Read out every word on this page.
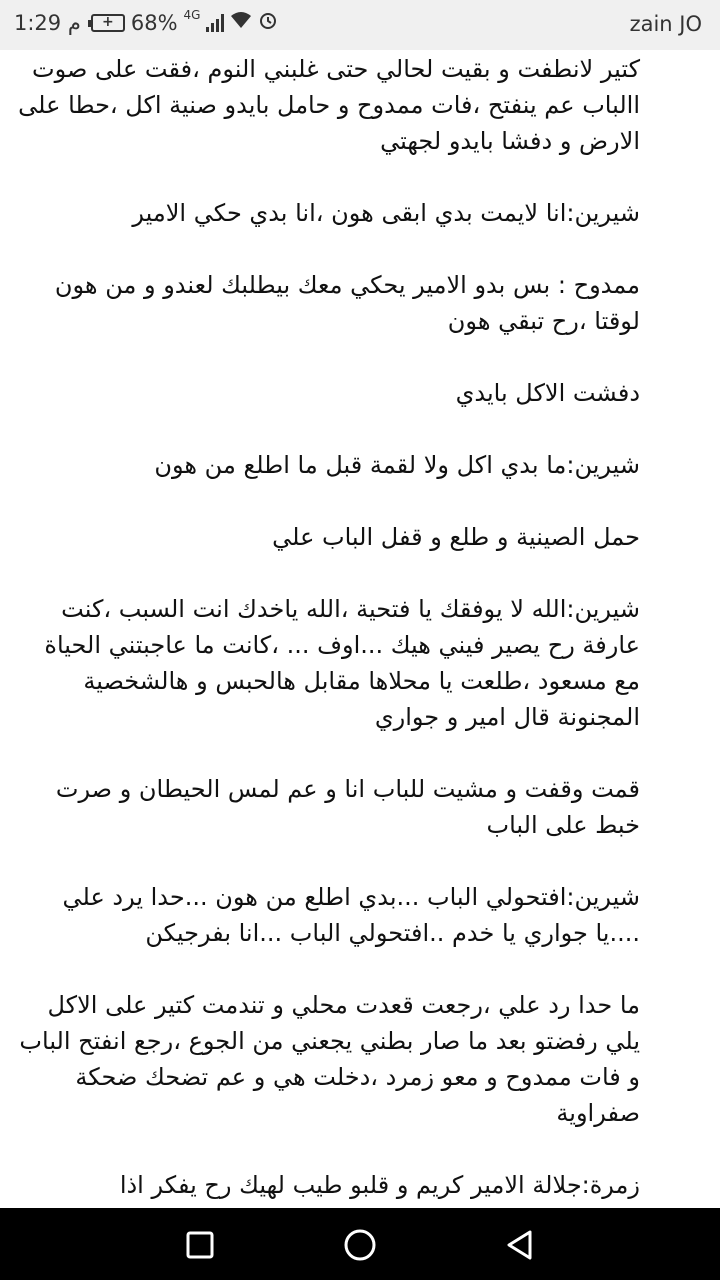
1:29 م	+ 68% 4G	zain JO

كتير لانطفت و بقيت لحالي حتى غلبني النوم ،فقت على صوت االباب عم ينفتح ،فات ممدوح و حامل بايدو صنية اكل ،حطا على الارض و دفشا بايدو لجهتي

شيرين:انا لايمت بدي ابقى هون ،انا بدي حكي الامير

ممدوح : بس بدو الامير يحكي معك بيطلبك لعندو و من هون لوقتا ،رح تبقي هون

دفشت الاكل بايدي

شيرين:ما بدي اكل ولا لقمة قبل ما اطلع من هون

حمل الصينية و طلع و قفل الباب علي

شيرين:الله لا يوفقك يا فتحية ،الله ياخدك انت السبب ،كنت عارفة رح يصير فيني هيك ...اوف ... ،كانت ما عاجبتني الحياة مع مسعود ،طلعت يا محلاها مقابل هالحبس و هالشخصية المجنونة قال امير و جواري

قمت وقفت و مشيت للباب انا و عم لمس الحيطان و صرت خبط على الباب

شيرين:افتحولي الباب ...بدي اطلع من هون ...حدا يرد علي ....يا جواري يا خدم ..افتحولي الباب ...انا بفرجيكن

ما حدا رد علي ،رجعت قعدت محلي و تندمت كتير على الاكل يلي رفضتو بعد ما صار بطني يجعني من الجوع ،رجع انفتح الباب و فات ممدوح و معو زمرد ،دخلت هي و عم تضحك ضحكة صفراوية

زمرة:جلالة الامير كريم و قلبو طيب لهيك رح يفكر اذا
